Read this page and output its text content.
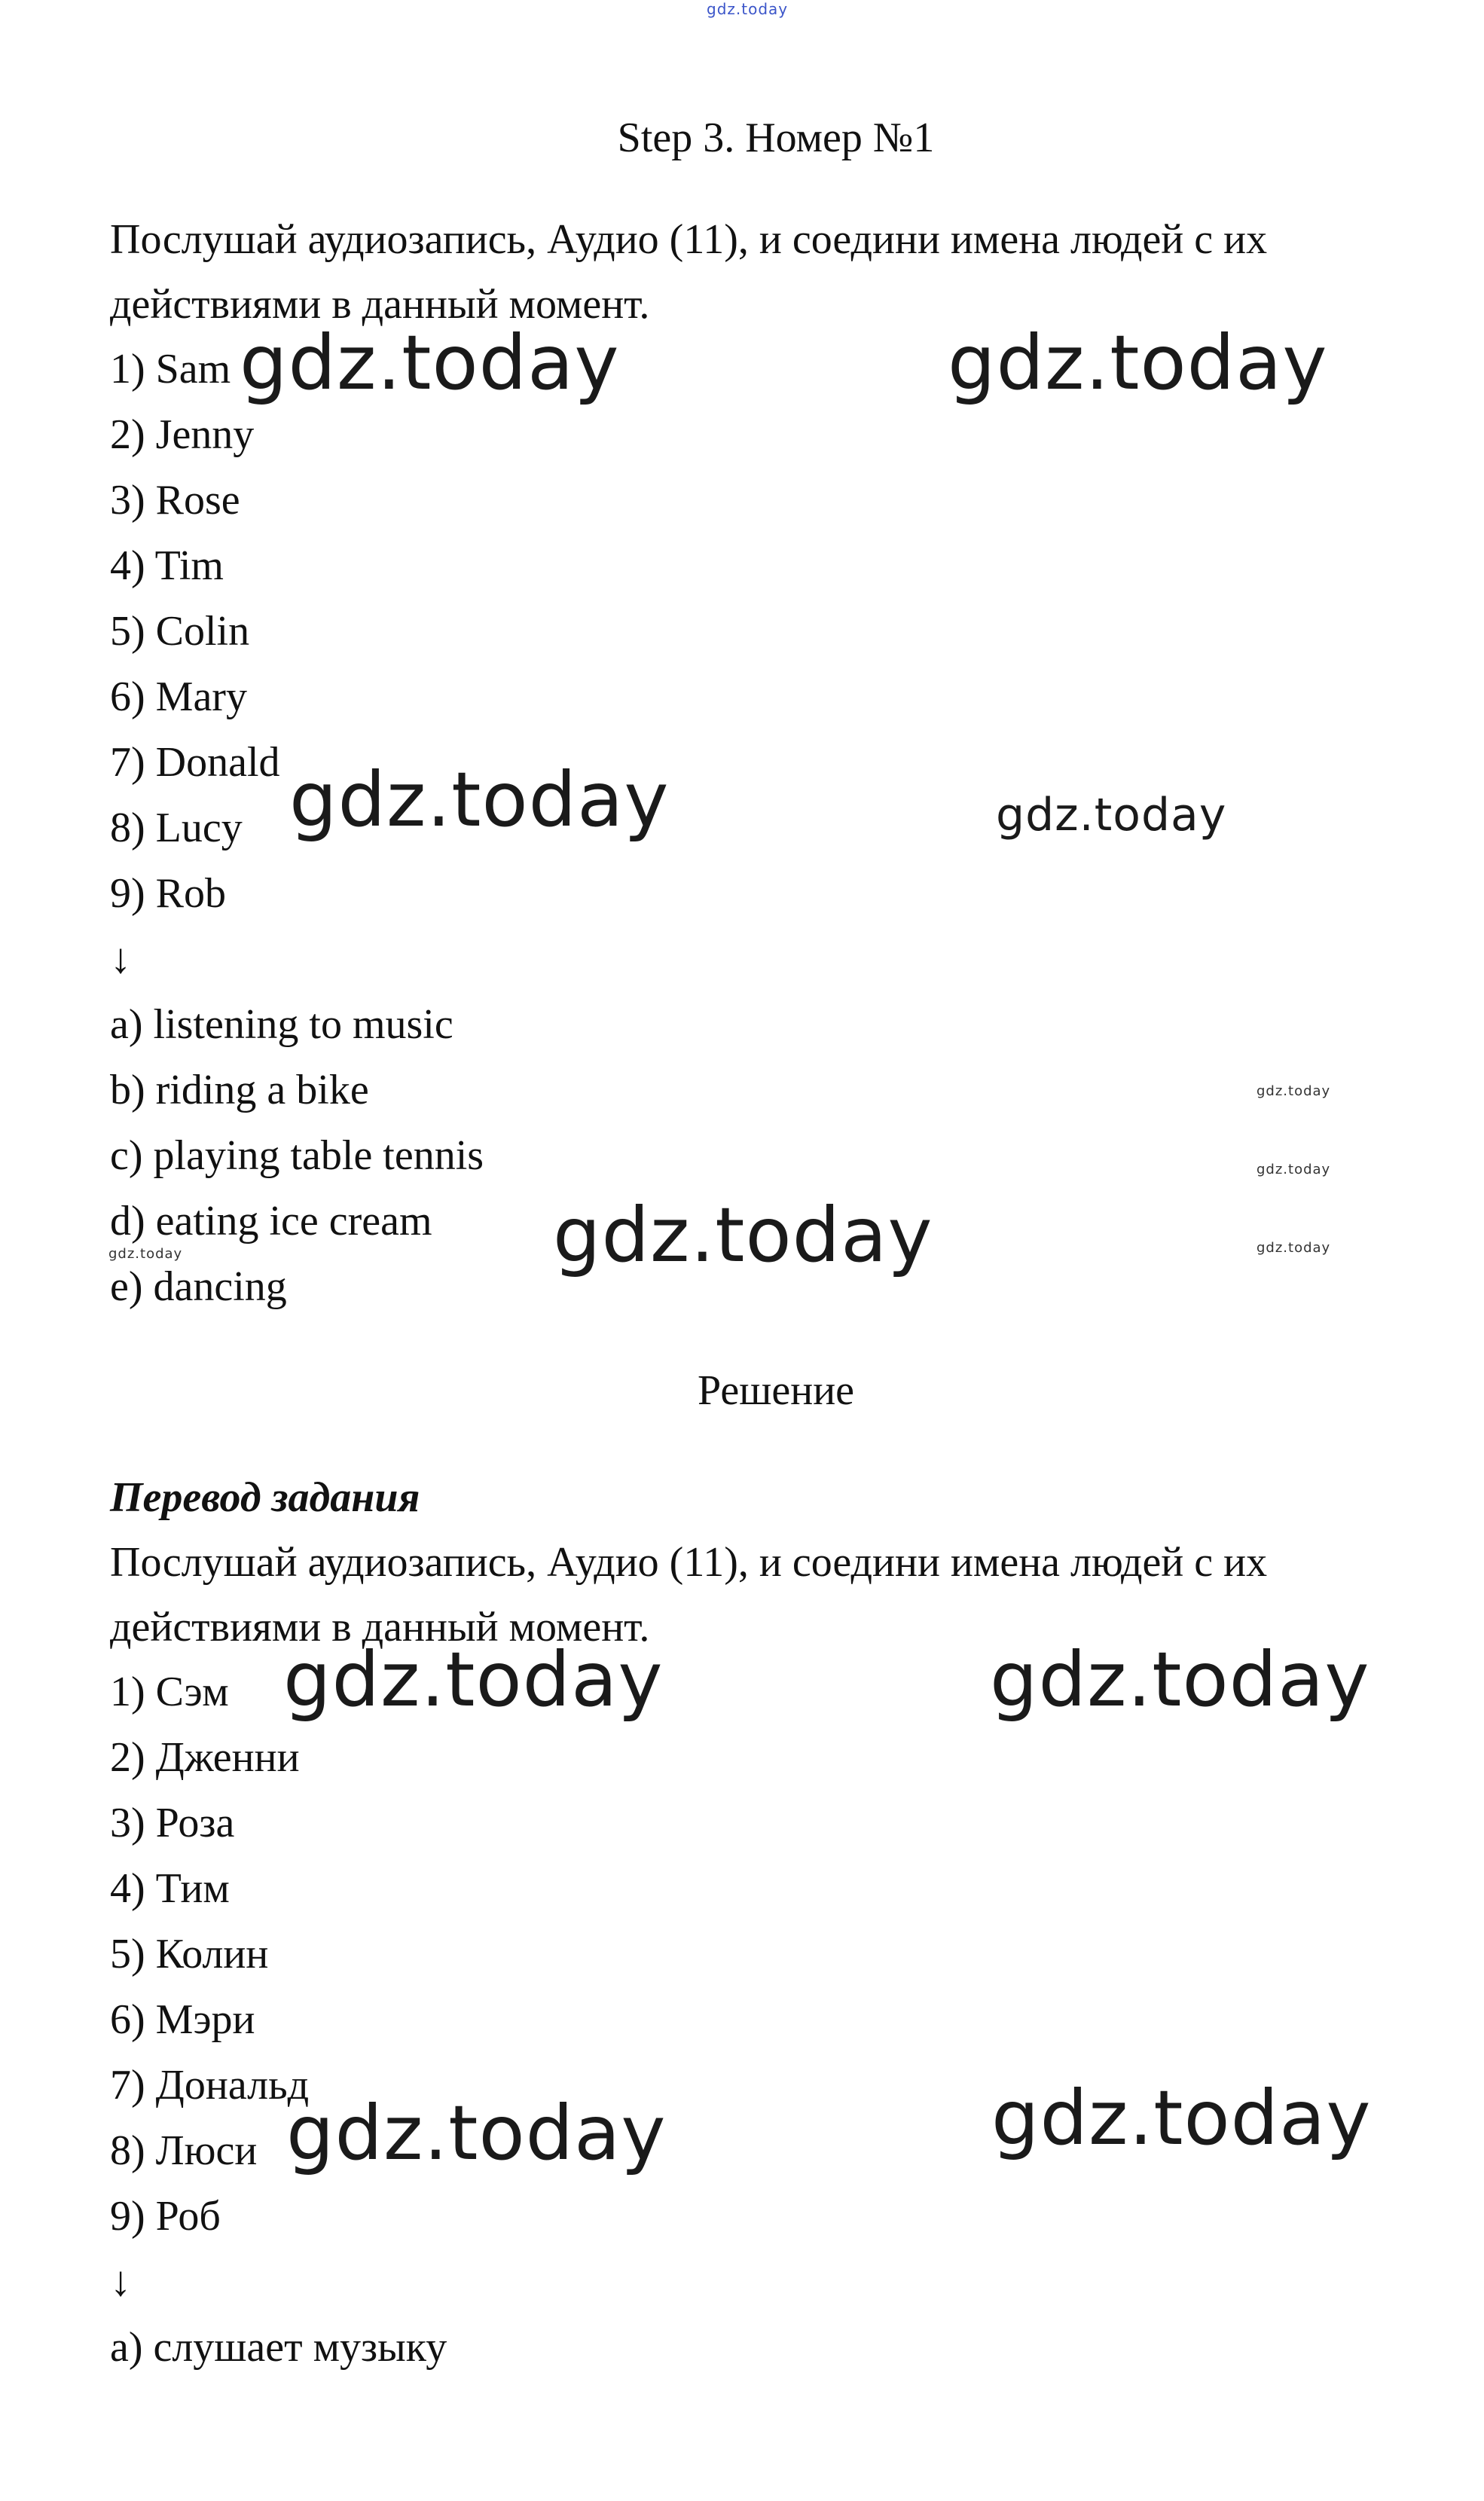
gdz.today
Step 3. Номер №1
Послушай аудиозапись, Аудио (11), и соедини имена людей с их
действиями в данный момент.
1) Sam
2) Jenny
3) Rose
4) Tim
5) Colin
6) Mary
7) Donald
8) Lucy
9) Rob
↓
a) listening to music
b) riding a bike
c) playing table tennis
d) eating ice cream
e) dancing
Решение
Перевод задания
Послушай аудиозапись, Аудио (11), и соедини имена людей с их
действиями в данный момент.
1) Сэм
2) Дженни
3) Роза
4) Тим
5) Колин
6) Мэри
7) Дональд
8) Люси
9) Роб
↓
a) слушает музыку
gdz.today	gdz.today
gdz.today	gdz.today
gdz.today
gdz.today
gdz.today
gdz.today	gdz.today
gdz.today	gdz.today
gdz.today	gdz.today
